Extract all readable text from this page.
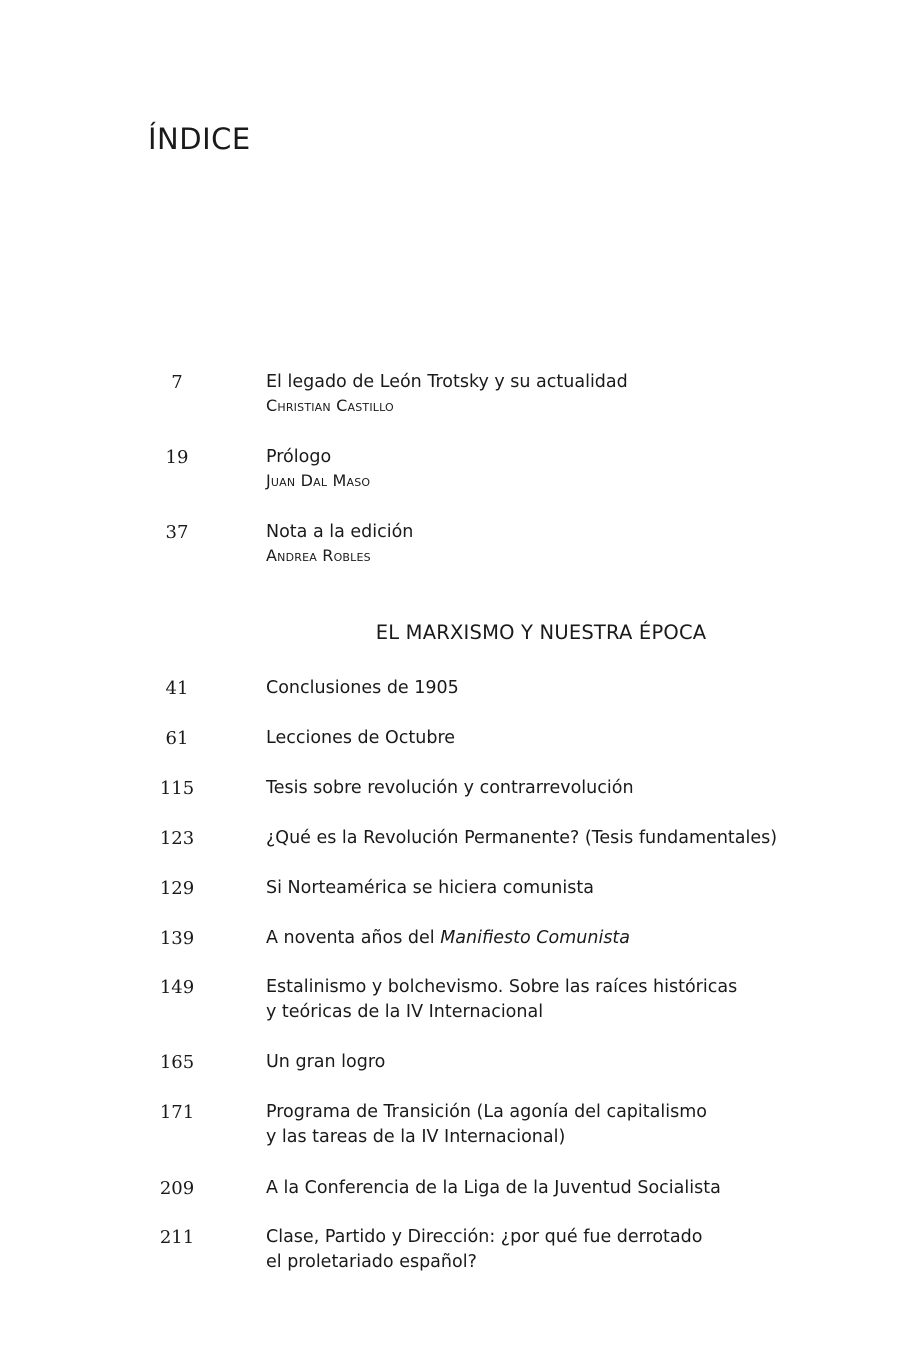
ÍNDICE
7	El legado de León Trotsky y su actualidad
Christian Castillo
19	Prólogo
Juan Dal Maso
37	Nota a la edición
Andrea Robles
EL MARXISMO Y NUESTRA ÉPOCA
41	Conclusiones de 1905
61	Lecciones de Octubre
115	Tesis sobre revolución y contrarrevolución
123	¿Qué es la Revolución Permanente? (Tesis fundamentales)
129	Si Norteamérica se hiciera comunista
139	A noventa años del Manifiesto Comunista
149	Estalinismo y bolchevismo. Sobre las raíces históricas
y teóricas de la IV Internacional
165	Un gran logro
171	Programa de Transición (La agonía del capitalismo
y las tareas de la IV Internacional)
209	A la Conferencia de la Liga de la Juventud Socialista
211	Clase, Partido y Dirección: ¿por qué fue derrotado
el proletariado español?
